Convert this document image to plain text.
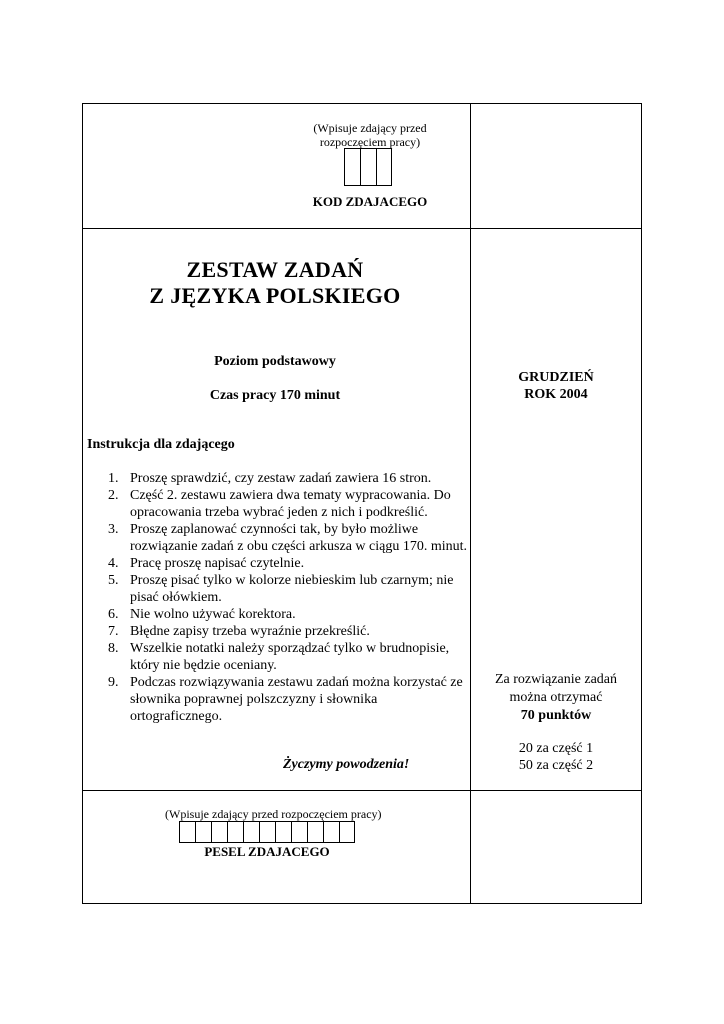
(Wpisuje zdający przed rozpoczęciem pracy)
KOD ZDAJACEGO
ZESTAW ZADAŃ
Z JĘZYKA POLSKIEGO
Poziom podstawowy
Czas pracy 170 minut
GRUDZIEŃ
ROK 2004
Instrukcja dla zdającego
1. Proszę sprawdzić, czy zestaw zadań zawiera 16 stron.
2. Część 2. zestawu zawiera dwa tematy wypracowania. Do opracowania trzeba wybrać jeden z nich i podkreślić.
3. Proszę zaplanować czynności tak, by było możliwe rozwiązanie zadań z obu części arkusza w ciągu 170. minut.
4. Pracę proszę napisać czytelnie.
5. Proszę pisać tylko w kolorze niebieskim lub czarnym; nie pisać ołówkiem.
6. Nie wolno używać korektora.
7. Błędne zapisy trzeba wyraźnie przekreślić.
8. Wszelkie notatki należy sporządzać tylko w brudnopisie, który nie będzie oceniany.
9. Podczas rozwiązywania zestawu zadań można korzystać ze słownika poprawnej polszczyzny i słownika ortograficznego.
Życzymy powodzenia!
Za rozwiązanie zadań
można otrzymać
70 punktów
20 za część 1
50 za część 2
(Wpisuje zdający przed rozpoczęciem pracy)
PESEL ZDAJACEGO
